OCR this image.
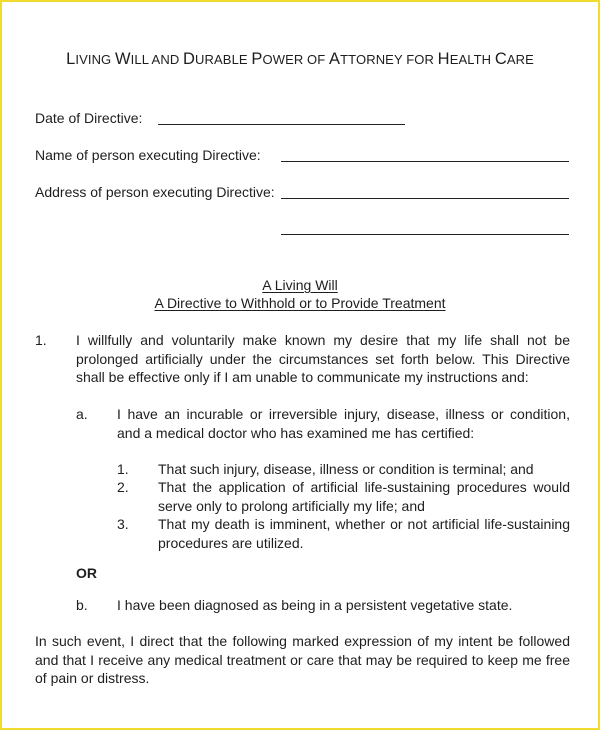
LIVING WILL AND DURABLE POWER OF ATTORNEY FOR HEALTH CARE
Date of Directive:
Name of person executing Directive:
Address of person executing Directive:
A Living Will
A Directive to Withhold or to Provide Treatment
1. I willfully and voluntarily make known my desire that my life shall not be prolonged artificially under the circumstances set forth below. This Directive shall be effective only if I am unable to communicate my instructions and:
a. I have an incurable or irreversible injury, disease, illness or condition, and a medical doctor who has examined me has certified:
1. That such injury, disease, illness or condition is terminal; and
2. That the application of artificial life-sustaining procedures would serve only to prolong artificially my life; and
3. That my death is imminent, whether or not artificial life-sustaining procedures are utilized.
OR
b. I have been diagnosed as being in a persistent vegetative state.
In such event, I direct that the following marked expression of my intent be followed and that I receive any medical treatment or care that may be required to keep me free of pain or distress.
